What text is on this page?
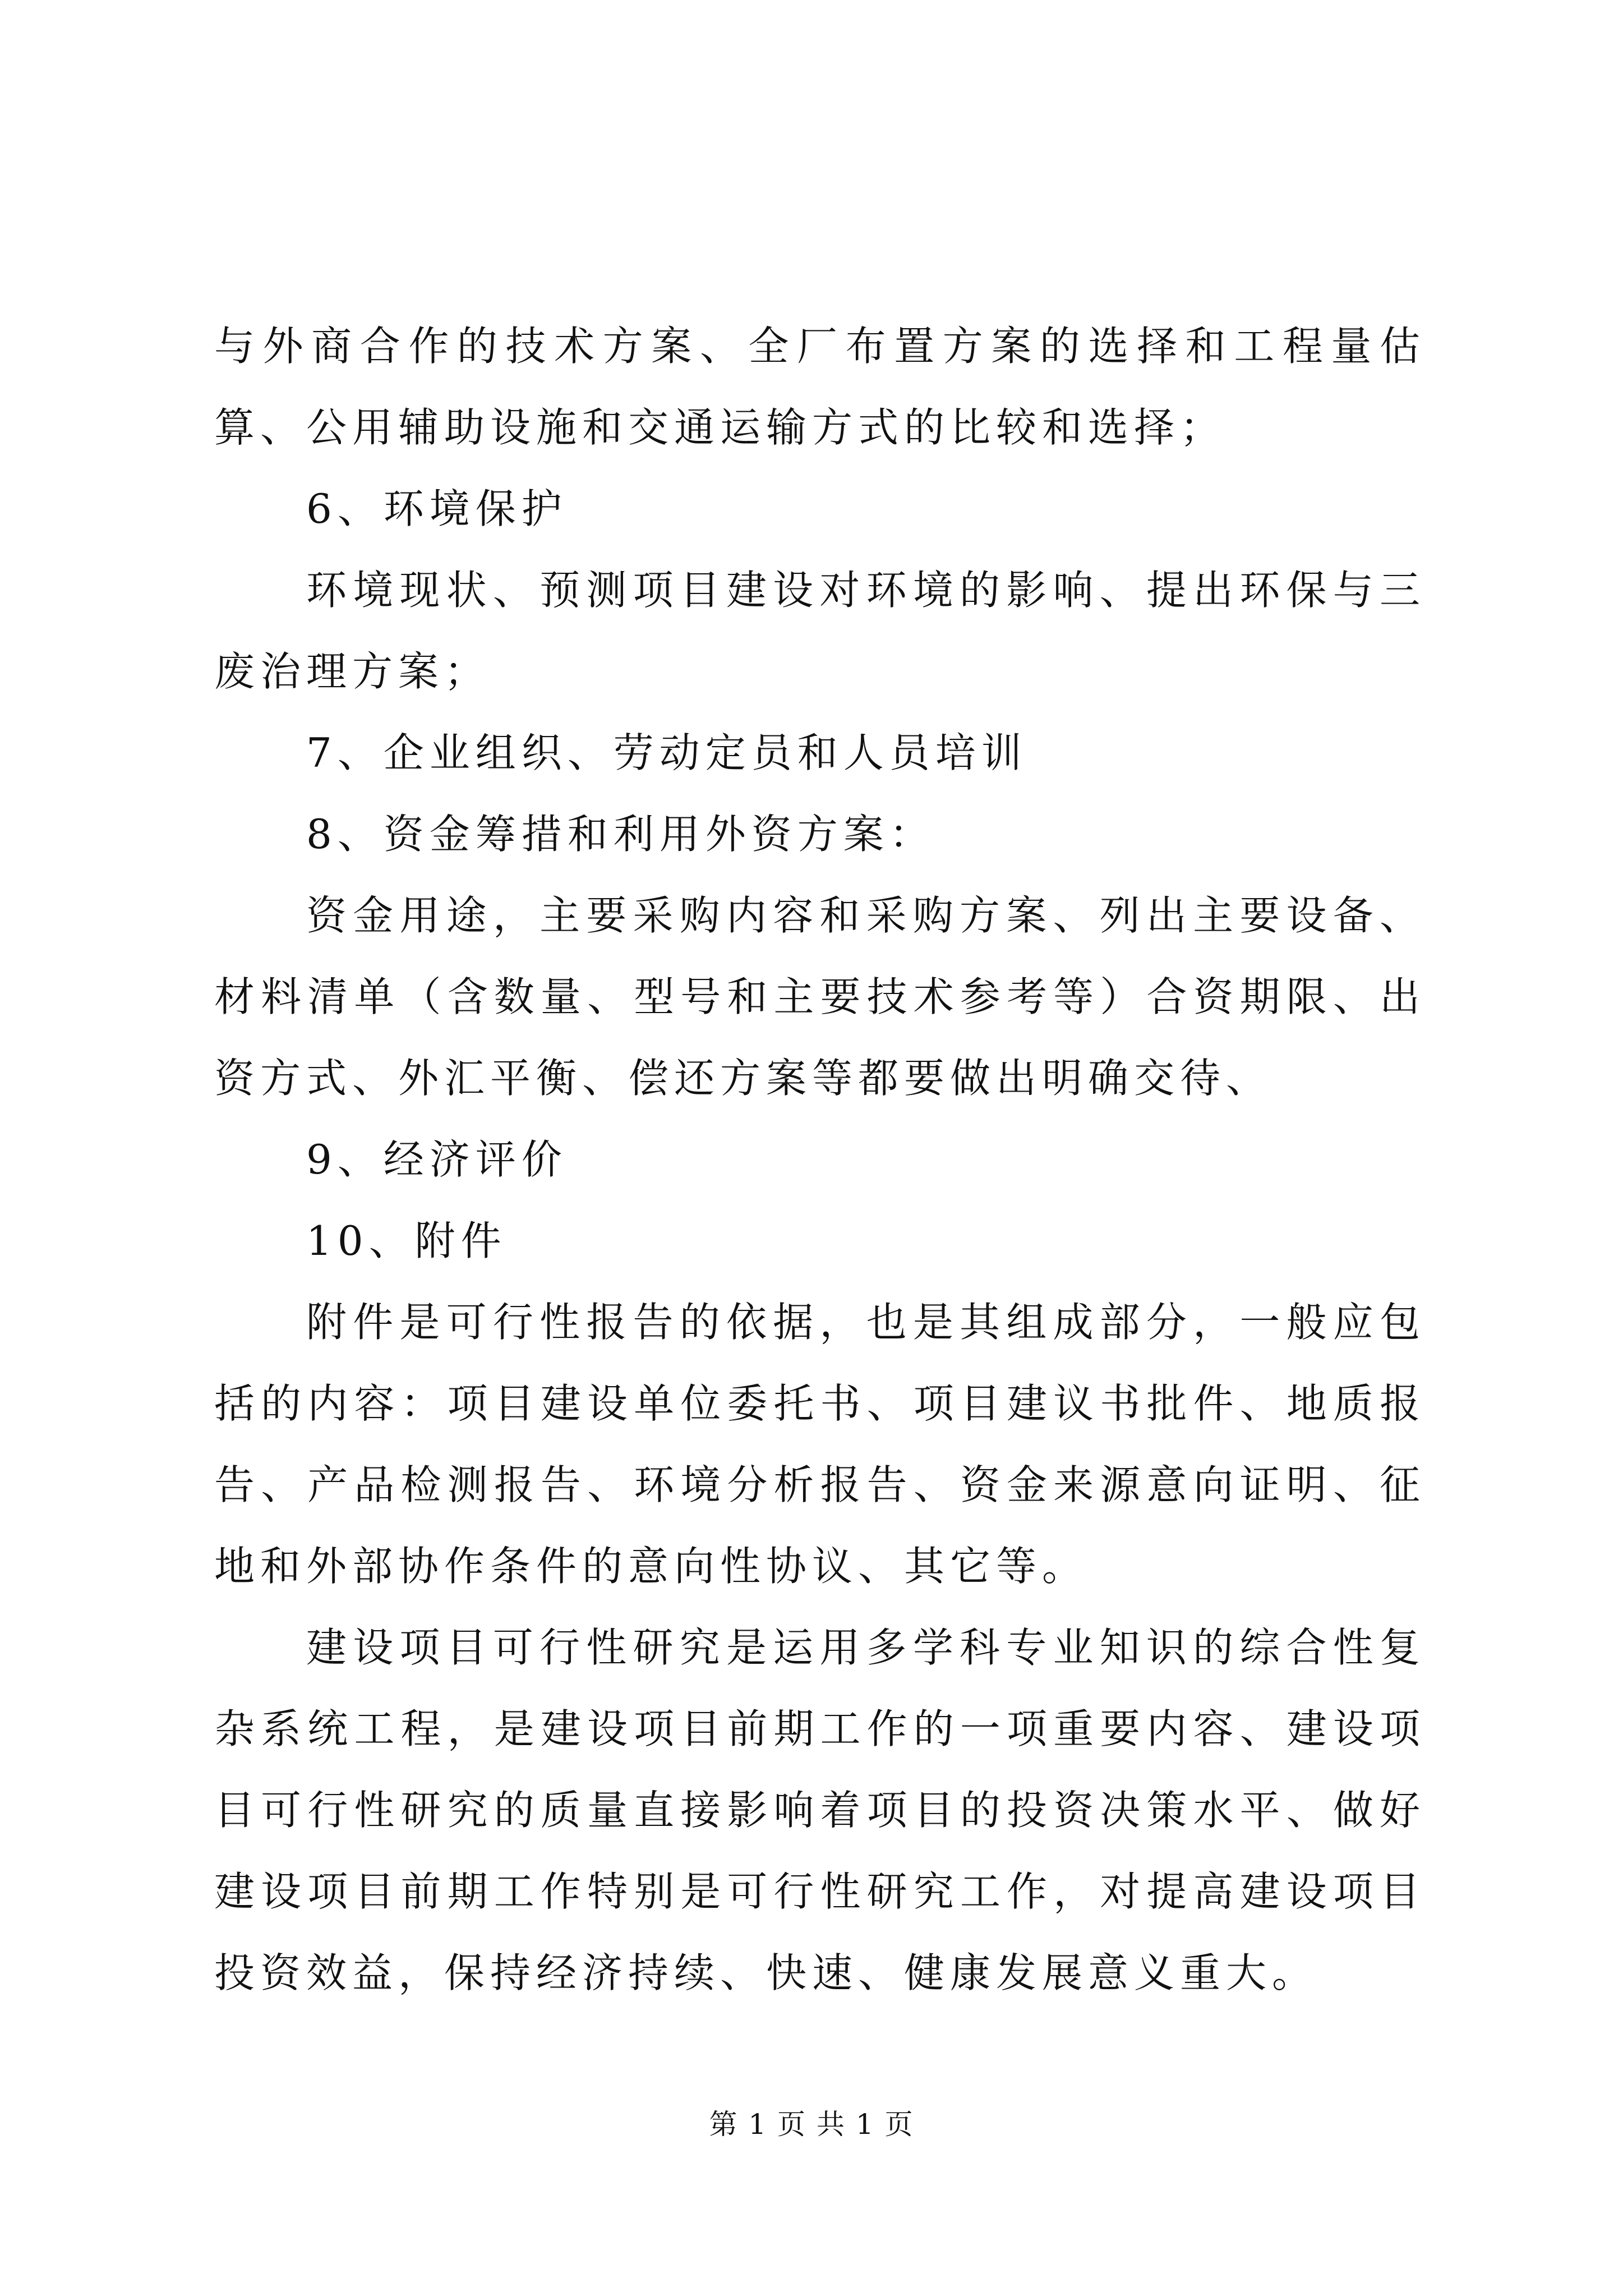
与外商合作的技术方案、全厂布置方案的选择和工程量估算、公用辅助设施和交通运输方式的比较和选择；

6、环境保护

环境现状、预测项目建设对环境的影响、提出环保与三废治理方案；

7、企业组织、劳动定员和人员培训

8、资金筹措和利用外资方案：

资金用途，主要采购内容和采购方案、列出主要设备、材料清单（含数量、型号和主要技术参考等）合资期限、出资方式、外汇平衡、偿还方案等都要做出明确交待、

9、经济评价

10、附件

附件是可行性报告的依据，也是其组成部分，一般应包括的内容：项目建设单位委托书、项目建议书批件、地质报告、产品检测报告、环境分析报告、资金来源意向证明、征地和外部协作条件的意向性协议、其它等。

建设项目可行性研究是运用多学科专业知识的综合性复杂系统工程，是建设项目前期工作的一项重要内容、建设项目可行性研究的质量直接影响着项目的投资决策水平、做好建设项目前期工作特别是可行性研究工作，对提高建设项目投资效益，保持经济持续、快速、健康发展意义重大。

第 1 页 共 1 页
